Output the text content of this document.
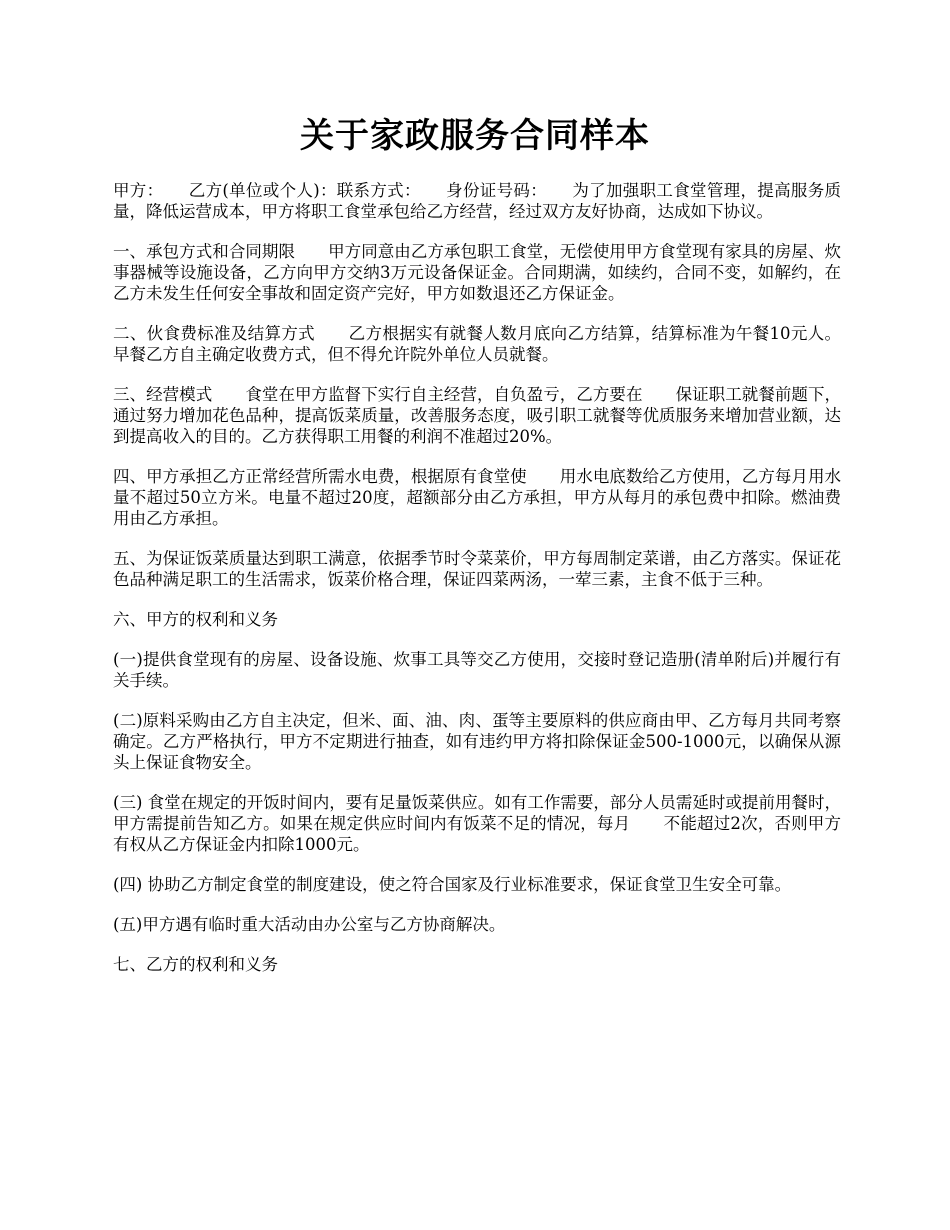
关于家政服务合同样本

甲方：　　乙方(单位或个人)：联系方式：　　身份证号码：　　为了加强职工食堂管理，提高服务质量，降低运营成本，甲方将职工食堂承包给乙方经营，经过双方友好协商，达成如下协议。

一、承包方式和合同期限　　甲方同意由乙方承包职工食堂，无偿使用甲方食堂现有家具的房屋、炊事器械等设施设备，乙方向甲方交纳3万元设备保证金。合同期满，如续约，合同不变，如解约，在乙方未发生任何安全事故和固定资产完好，甲方如数退还乙方保证金。

二、伙食费标准及结算方式　　乙方根据实有就餐人数月底向乙方结算，结算标准为午餐10元人。早餐乙方自主确定收费方式，但不得允许院外单位人员就餐。

三、经营模式　　食堂在甲方监督下实行自主经营，自负盈亏，乙方要在　　保证职工就餐前题下，通过努力增加花色品种，提高饭菜质量，改善服务态度，吸引职工就餐等优质服务来增加营业额，达到提高收入的目的。乙方获得职工用餐的利润不准超过20%。

四、甲方承担乙方正常经营所需水电费，根据原有食堂使　　用水电底数给乙方使用，乙方每月用水量不超过50立方米。电量不超过20度，超额部分由乙方承担，甲方从每月的承包费中扣除。燃油费用由乙方承担。

五、为保证饭菜质量达到职工满意，依据季节时令菜菜价，甲方每周制定菜谱，由乙方落实。保证花色品种满足职工的生活需求，饭菜价格合理，保证四菜两汤，一荤三素，主食不低于三种。

六、甲方的权利和义务

(一)提供食堂现有的房屋、设备设施、炊事工具等交乙方使用，交接时登记造册(清单附后)并履行有关手续。

(二)原料采购由乙方自主决定，但米、面、油、肉、蛋等主要原料的供应商由甲、乙方每月共同考察确定。乙方严格执行，甲方不定期进行抽查，如有违约甲方将扣除保证金500-1000元，以确保从源头上保证食物安全。

(三) 食堂在规定的开饭时间内，要有足量饭菜供应。如有工作需要，部分人员需延时或提前用餐时，甲方需提前告知乙方。如果在规定供应时间内有饭菜不足的情况，每月　　不能超过2次，否则甲方有权从乙方保证金内扣除1000元。

(四) 协助乙方制定食堂的制度建设，使之符合国家及行业标准要求，保证食堂卫生安全可靠。

(五)甲方遇有临时重大活动由办公室与乙方协商解决。

七、乙方的权利和义务
